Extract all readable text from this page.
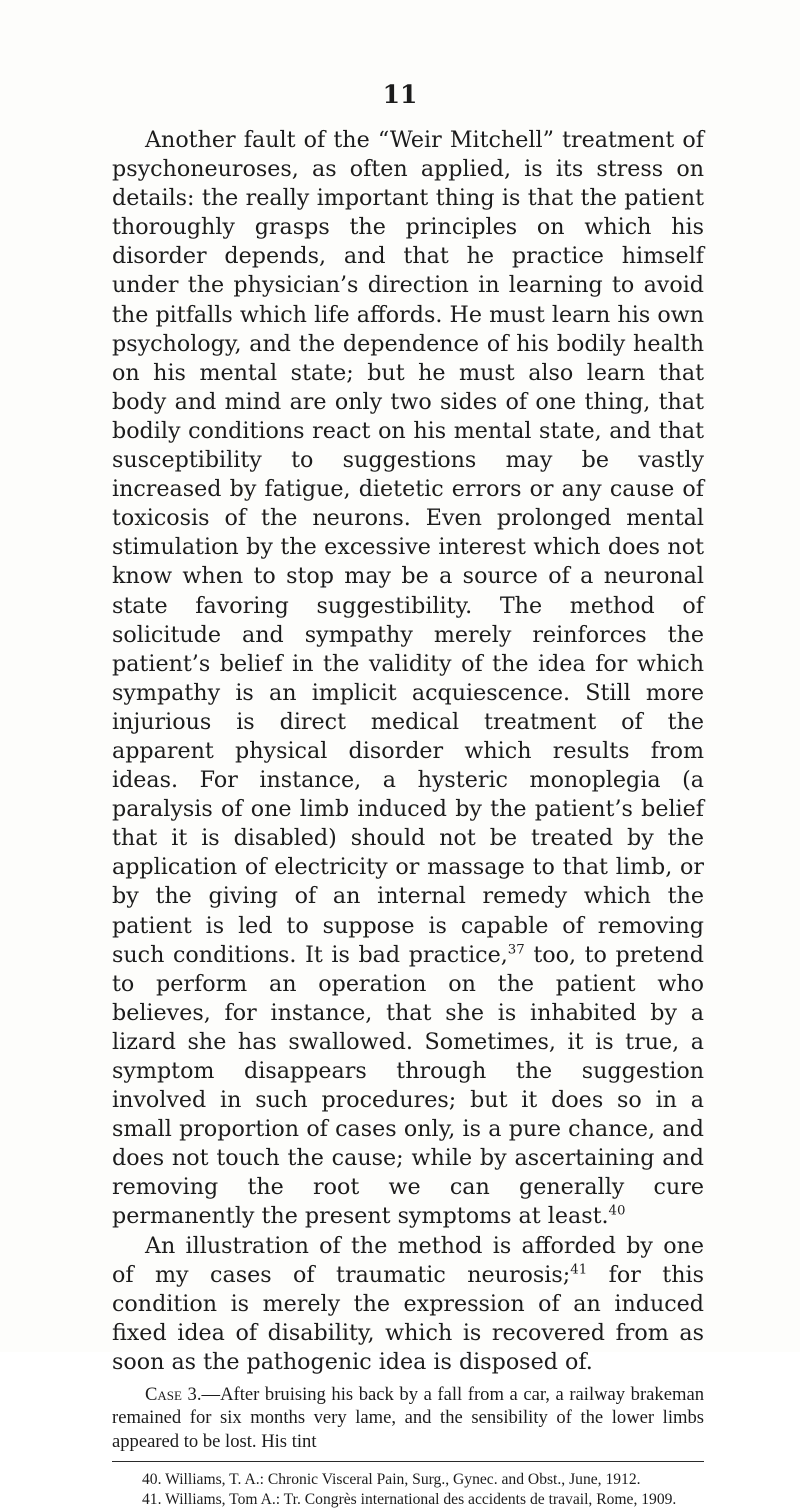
11

Another fault of the “Weir Mitchell” treatment of psychoneuroses, as often applied, is its stress on details: the really important thing is that the patient thoroughly grasps the principles on which his disorder depends, and that he practice himself under the physician’s direction in learning to avoid the pitfalls which life affords. He must learn his own psychology, and the dependence of his bodily health on his mental state; but he must also learn that body and mind are only two sides of one thing, that bodily conditions react on his mental state, and that susceptibility to suggestions may be vastly increased by fatigue, dietetic errors or any cause of toxicosis of the neurons. Even prolonged mental stimulation by the excessive interest which does not know when to stop may be a source of a neuronal state favoring suggestibility. The method of solicitude and sympathy merely reinforces the patient’s belief in the validity of the idea for which sympathy is an implicit acquiescence. Still more injurious is direct medical treatment of the apparent physical disorder which results from ideas. For instance, a hysteric monoplegia (a paralysis of one limb induced by the patient’s belief that it is disabled) should not be treated by the application of electricity or massage to that limb, or by the giving of an internal remedy which the patient is led to suppose is capable of removing such conditions. It is bad practice,$^{37}$ too, to pretend to perform an operation on the patient who believes, for instance, that she is inhabited by a lizard she has swallowed. Sometimes, it is true, a symptom disappears through the suggestion involved in such procedures; but it does so in a small proportion of cases only, is a pure chance, and does not touch the cause; while by ascertaining and removing the root we can generally cure permanently the present symptoms at least.$^{40}$

An illustration of the method is afforded by one of my cases of traumatic neurosis;$^{41}$ for this condition is merely the expression of an induced fixed idea of disability, which is recovered from as soon as the pathogenic idea is disposed of.

Case 3.—After bruising his back by a fall from a car, a railway brakeman remained for six months very lame, and the sensibility of the lower limbs appeared to be lost. His tint

40. Williams, T. A.: Chronic Visceral Pain, Surg., Gynec. and Obst., June, 1912.

41. Williams, Tom A.: Tr. Congrès international des accidents de travail, Rome, 1909.
